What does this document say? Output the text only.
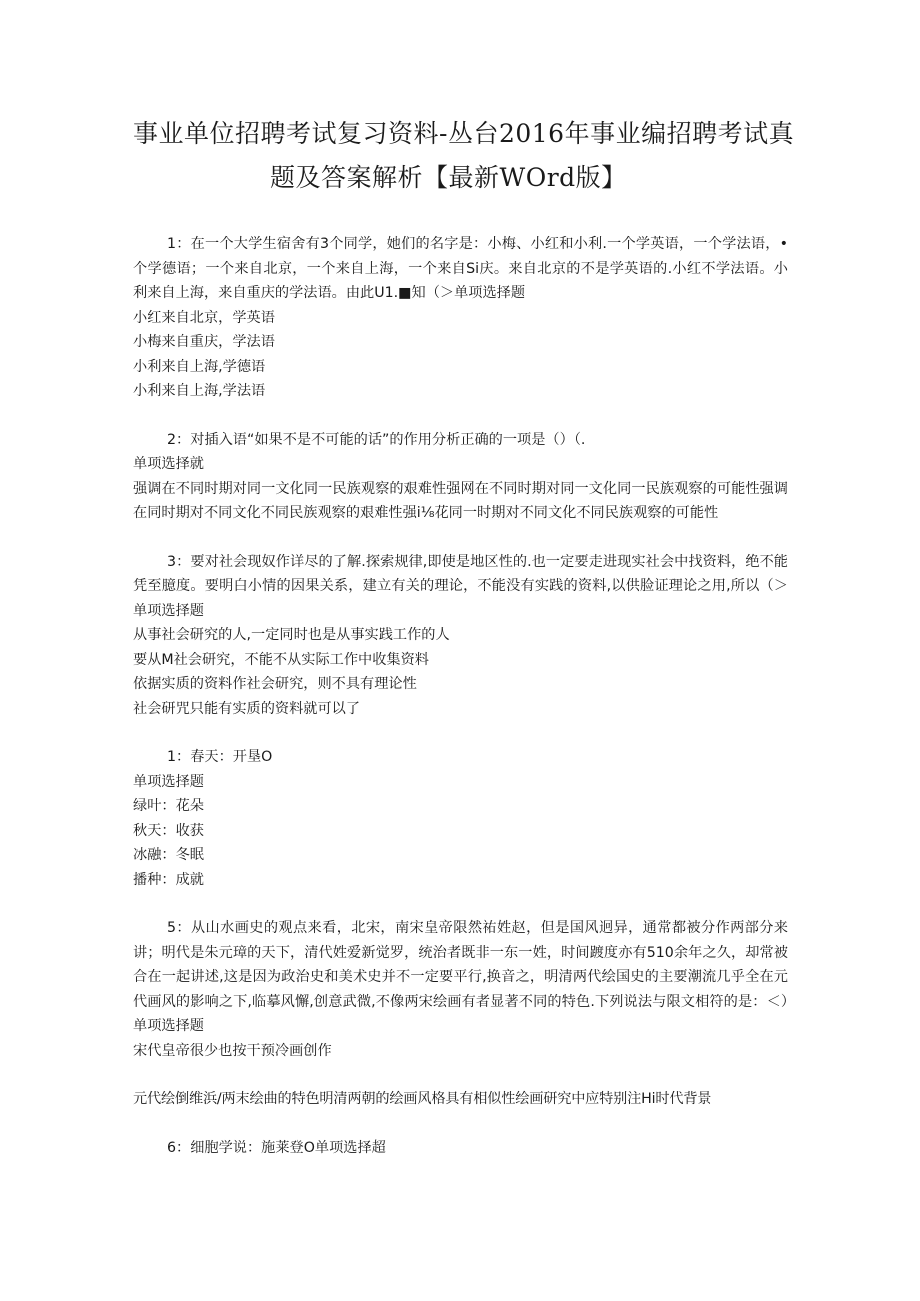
事业单位招聘考试复习资料-丛台2016年事业编招聘考试真
题及答案解析【最新WOrd版】
1：在一个大学生宿舍有3个同学，她们的名字是：小梅、小红和小利.一个学英语，一个学法语，•个学德语；一个来自北京，一个来自上海，一个来自Si庆。来自北京的不是学英语的.小红不学法语。小利来自上海，来自重庆的学法语。由此U1.■知（＞单项选择题
小红来自北京，学英语
小梅来自重庆，学法语
小利来自上海,学德语
小利来自上海,学法语
2：对插入语“如果不是不可能的话”的作用分析正确的一项是（）（.
单项选择就
强调在不同时期对同一文化同一民族观察的艰难性强网在不同时期对同一文化同一民族观察的可能性强调在同时期对不同文化不同民族观察的艰难性强i⅛花同一时期对不同文化不同民族观察的可能性
3：要对社会现奴作详尽的了解.探索规律,即使是地区性的.也一定要走进现实社会中找资料，绝不能凭至臆度。要明白小情的因果关系，建立有关的理论，不能没有实践的资料,以供脸证理论之用,所以（＞单项选择题
从事社会研究的人,一定同时也是从事实践工作的人
要从M社会研究，不能不从实际工作中收集资料
依据实质的资料作社会研究，则不具有理论性
社会研咒只能有实质的资料就可以了
1：春天：开垦O
单项选择题
绿叶：花朵
秋天：收获
冰融：冬眠
播种：成就
5：从山水画史的观点来看，北宋，南宋皇帝限然祐姓赵，但是国风迥异，通常都被分作两部分来讲；明代是朱元璋的天下，清代姓爱新觉罗，统治者既非一东一姓，时间踱度亦有510余年之久，却常被合在一起讲述,这是因为政治史和美术史并不一定要平行,换音之，明清两代绘国史的主要潮流几乎全在元代画风的影响之下,临摹风懈,创意武微,不像两宋绘画有者显著不同的特色.下列说法与限文相符的是：＜）单项选择题
宋代皇帝很少也按干预冷画创作
元代绘倒维浜/两末绘曲的特色明清两朝的绘画风格具有相似性绘画研究中应特别注Hi时代背景
6：细胞学说：施莱登O单项选择超
